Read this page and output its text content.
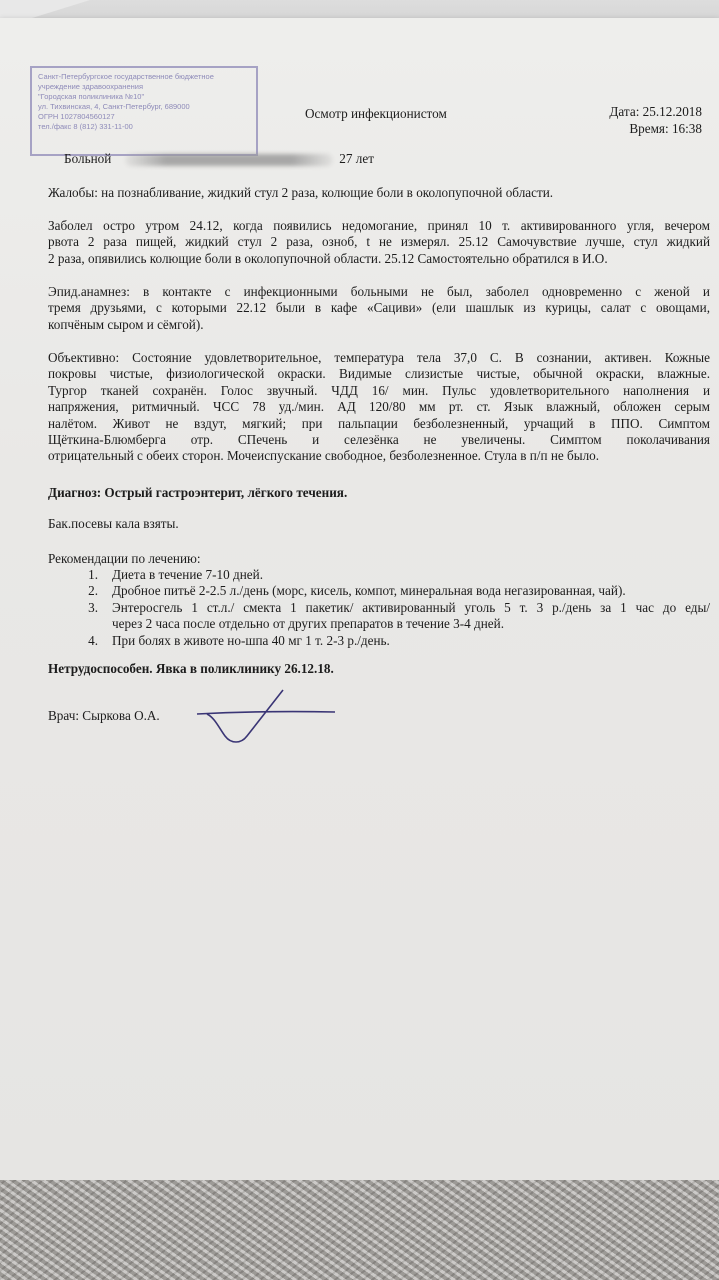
Санкт-Петербургское государственное бюджетное
учреждение здравоохранения
"Городская поликлиника №10"
ул. Тихвинская, 4, Санкт-Петербург, 689000
ОГРН 1027804560127
тел./факс 8 (812) 331-11-00
Осмотр инфекционистом	Дата: 25.12.2018
Время: 16:38
Больной	27 лет
Жалобы: на познабливание, жидкий стул 2 раза, колющие боли в околопупочной области.
Заболел остро утром 24.12, когда появились недомогание, принял 10 т. активированного угля, вечером
рвота 2 раза пищей, жидкий стул 2 раза, озноб, t не измерял. 25.12 Самочувствие лучше, стул жидкий
2 раза, опявились колющие боли в околопупочной области. 25.12 Самостоятельно обратился в И.О.
Эпид.анамнез: в контакте с инфекционными больными не был, заболел одновременно с женой и
тремя друзьями, с которыми 22.12 были в кафе «Сациви» (ели шашлык из курицы, салат с овощами,
копчёным сыром и сёмгой).
Объективно: Состояние удовлетворительное, температура тела 37,0 С. В сознании, активен. Кожные
покровы чистые, физиологической окраски. Видимые слизистые чистые, обычной окраски, влажные.
Тургор тканей сохранён. Голос звучный. ЧДД 16/ мин. Пульс удовлетворительного наполнения и
напряжения, ритмичный. ЧСС 78 уд./мин. АД 120/80 мм рт. ст. Язык влажный, обложен серым
налётом. Живот не вздут, мягкий; при пальпации безболезненный, урчащий в ППО. Симптом
Щёткина-Блюмберга отр. СПечень и селезёнка не увеличены. Симптом поколачивания
отрицательный с обеих сторон. Мочеиспускание свободное, безболезненное. Стула в п/п не было.
Диагноз: Острый гастроэнтерит, лёгкого течения.
Бак.посевы кала взяты.
Рекомендации по лечению:
1.	Диета в течение 7-10 дней.
2.	Дробное питьё 2-2.5 л./день (морс, кисель, компот, минеральная вода негазированная, чай).
3.	Энтеросгель 1 ст.л./ смекта 1 пакетик/ активированный уголь 5 т. 3 р./день за 1 час до еды/
через 2 часа после отдельно от других препаратов в течение 3-4 дней.
4.	При болях в животе но-шпа 40 мг 1 т. 2-3 р./день.
Нетрудоспособен. Явка в поликлинику 26.12.18.
Врач: Сыркова О.А.
